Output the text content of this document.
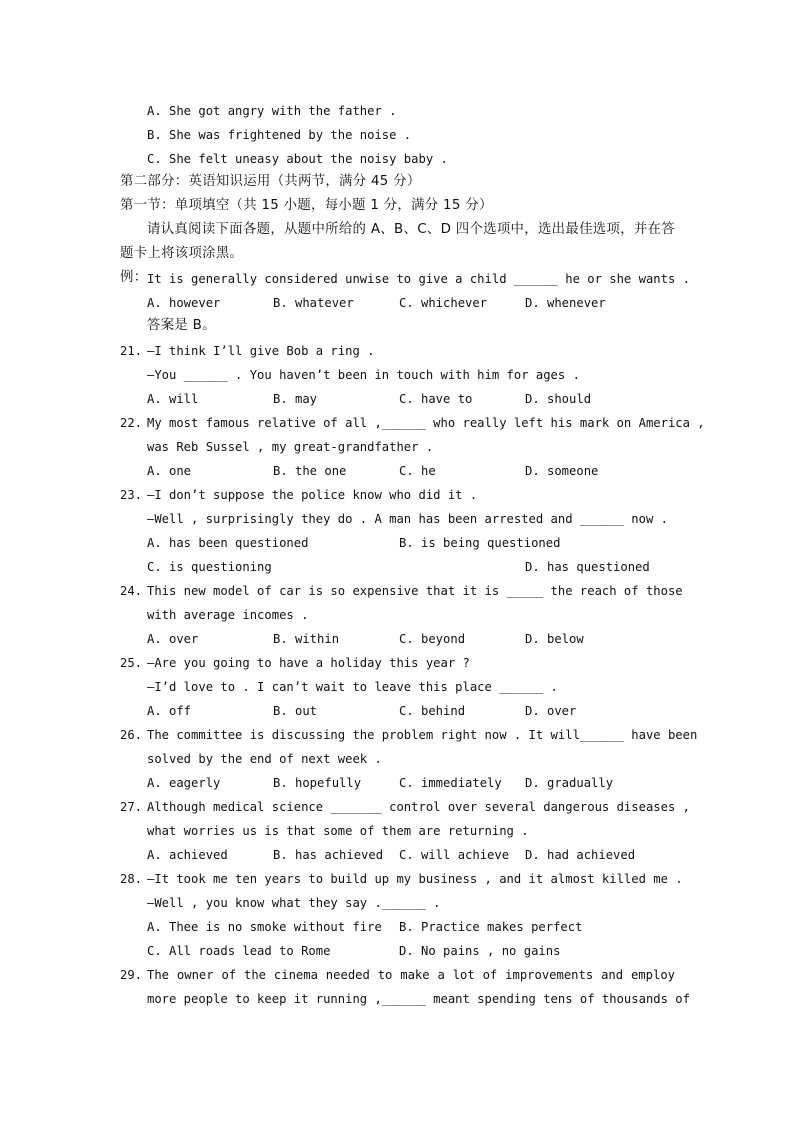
A. She got angry with the father .
B. She was frightened by the noise .
C. She felt uneasy about the noisy baby .
第二部分：英语知识运用（共两节，满分 45 分）
第一节：单项填空（共 15 小题，每小题 1 分，满分 15 分）
请认真阅读下面各题，从题中所给的 A、B、C、D 四个选项中，选出最佳选项，并在答
题卡上将该项涂黑。
例： It is generally considered unwise to give a child ______ he or she wants .
A. however	B. whatever	C. whichever	D. whenever
答案是 B。
21. —I think I’ll give Bob a ring .
—You ______ . You haven’t been in touch with him for ages .
A. will	B. may	C. have to	D. should
22. My most famous relative of all ,______ who really left his mark on America ,
was Reb Sussel , my great-grandfather .
A. one	B. the one	C. he	D. someone
23. —I don’t suppose the police know who did it .
—Well , surprisingly they do . A man has been arrested and ______ now .
A. has been questioned	B. is being questioned
C. is questioning	D. has questioned
24. This new model of car is so expensive that it is _____ the reach of those
with average incomes .
A. over	B. within	C. beyond	D. below
25. —Are you going to have a holiday this year ?
—I’d love to . I can’t wait to leave this place ______ .
A. off	B. out	C. behind	D. over
26. The committee is discussing the problem right now . It will______ have been
solved by the end of next week .
A. eagerly	B. hopefully	C. immediately D. gradually
27. Although medical science _______ control over several dangerous diseases ,
what worries us is that some of them are returning .
A. achieved	B. has achieved C. will achieve D. had achieved
28. —It took me ten years to build up my business , and it almost killed me .
—Well , you know what they say .______ .
A. Thee is no smoke without fire B. Practice makes perfect
C. All roads lead to Rome	D. No pains , no gains
29. The owner of the cinema needed to make a lot of improvements and employ
more people to keep it running ,______ meant spending tens of thousands of
